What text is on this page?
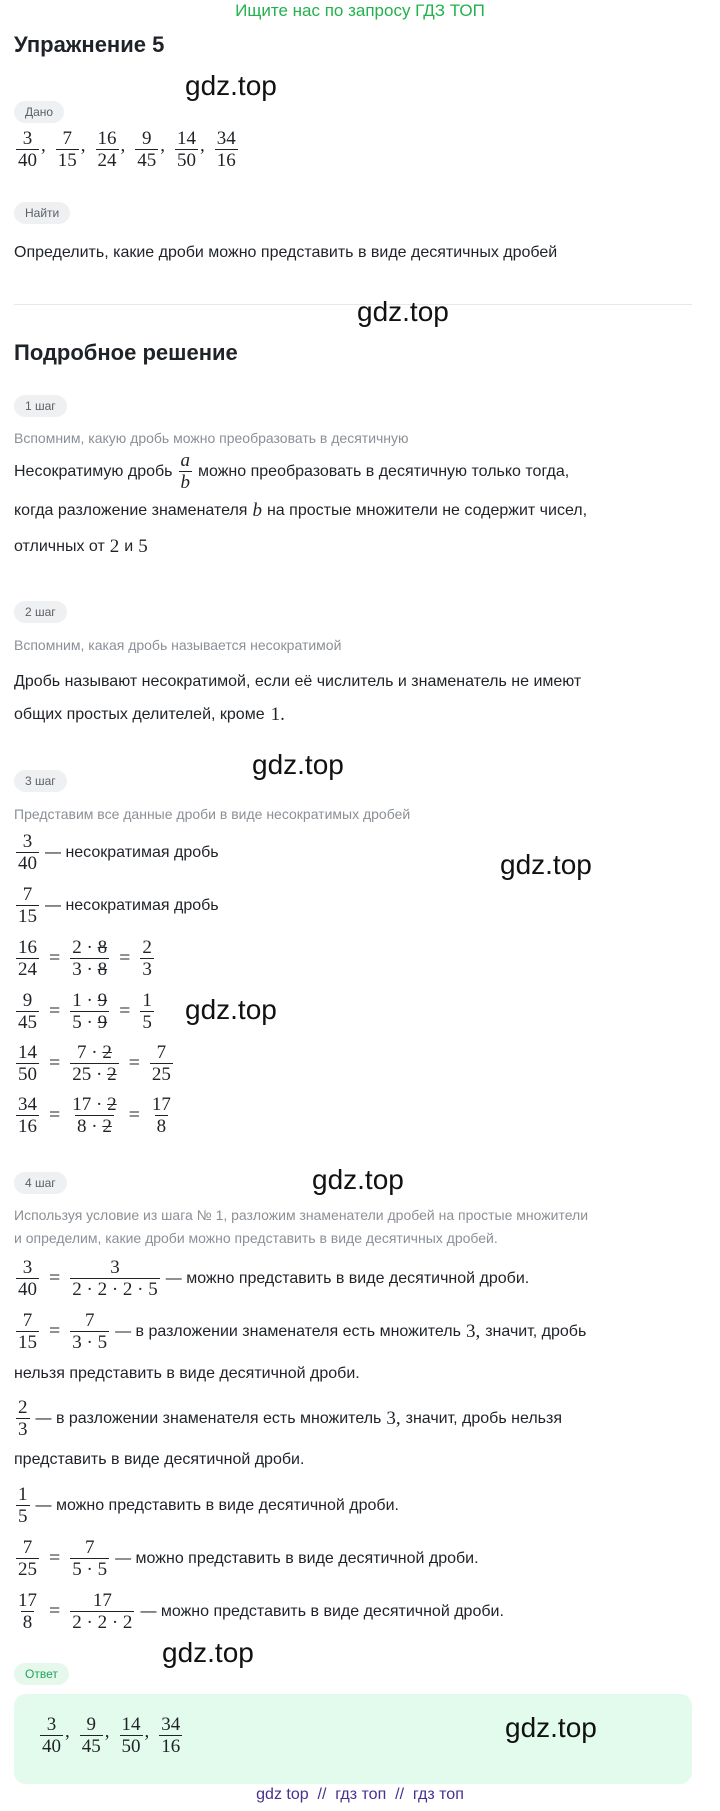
Ищите нас по запросу ГДЗ ТОП
Упражнение 5
gdz.top
Дано
$\frac{3}{40}$ , $\frac{7}{15}$ , $\frac{16}{24}$ , $\frac{9}{45}$ , $\frac{14}{50}$ , $\frac{34}{16}$
Найти
Определить, какие дроби можно представить в виде десятичных дробей
gdz.top
Подробное решение
1 шаг
Вспомним, какую дробь можно преобразовать в десятичную
Несократимую дробь $\frac{a}{b}$ можно преобразовать в десятичную только тогда,
когда разложение знаменателя b на простые множители не содержит чисел,
отличных от 2 и 5
2 шаг
Вспомним, какая дробь называется несократимой
Дробь называют несократимой, если её числитель и знаменатель не имеют
общих простых делителей, кроме 1.
gdz.top
3 шаг
Представим все данные дроби в виде несократимых дробей
gdz.top
$\frac{3}{40}$ — несократимая дробь
$\frac{7}{15}$ — несократимая дробь
$\frac{16}{24} = \frac{2 \cdot 8}{3 \cdot 8} = \frac{2}{3}$
$\frac{9}{45} = \frac{1 \cdot 9}{5 \cdot 9} = \frac{1}{5} gdz.top$
$\frac{14}{50} = \frac{7 \cdot 2}{25 \cdot 2} = \frac{7}{25}$
$\frac{34}{16} = \frac{17 \cdot 2}{8 \cdot 2} = \frac{17}{8}$
gdz.top
4 шаг
Используя условие из шага № 1, разложим знаменатели дробей на простые множители
и определим, какие дроби можно представить в виде десятичных дробей.
$\frac{3}{40} = \frac{3}{2 \cdot 2 \cdot 2 \cdot 5}$ — можно представить в виде десятичной дроби.
$\frac{7}{15} = \frac{7}{3 \cdot 5}$ — в разложении знаменателя есть множитель 3, значит, дробь
нельзя представить в виде десятичной дроби.
$\frac{2}{3}$ — в разложении знаменателя есть множитель 3, значит, дробь нельзя
представить в виде десятичной дроби.
$\frac{1}{5}$ — можно представить в виде десятичной дроби.
$\frac{7}{25} = \frac{7}{5 \cdot 5}$ — можно представить в виде десятичной дроби.
$\frac{17}{8} = \frac{17}{2 \cdot 2 \cdot 2}$ — можно представить в виде десятичной дроби.
gdz.top
Ответ
$\frac{3}{40}$ , $\frac{9}{45}$ , $\frac{14}{50}$ , $\frac{34}{16}$	gdz.top
gdz top  //  гдз топ  //  гдз топ
